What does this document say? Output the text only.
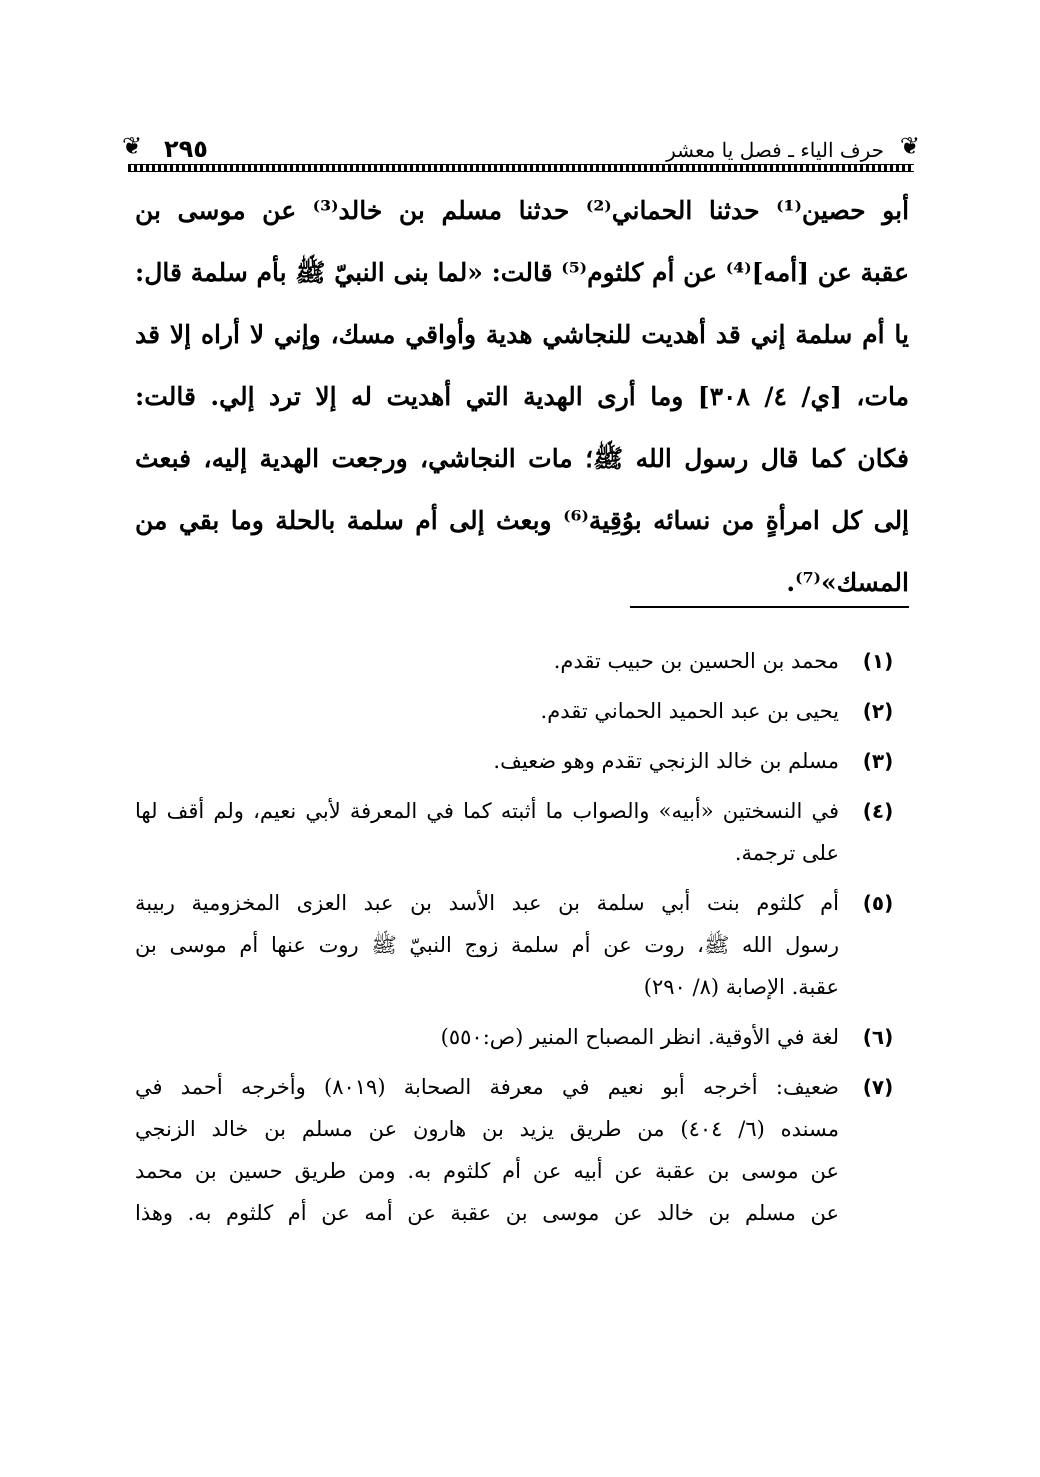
❦
حرف الياء ـ فصل يا معشر
٢٩٥
❦
أبو حصين⁽¹⁾ حدثنا الحماني⁽²⁾ حدثنا مسلم بن خالد⁽³⁾ عن موسى بن
عقبة عن [أمه]⁽⁴⁾ عن أم كلثوم⁽⁵⁾ قالت: «لما بنى النبيّ ﷺ بأم سلمة قال:
يا أم سلمة إني قد أهديت للنجاشي هدية وأواقي مسك، وإني لا أراه إلا قد
مات، [ي/ ٤/ ٣٠٨] وما أرى الهدية التي أهديت له إلا ترد إلي. قالت:
فكان كما قال رسول الله ﷺ؛ مات النجاشي، ورجعت الهدية إليه، فبعث
إلى كل امرأةٍ من نسائه بوُقِية⁽⁶⁾ وبعث إلى أم سلمة بالحلة وما بقي من
المسك»⁽⁷⁾.
(١)
محمد بن الحسين بن حبيب تقدم.
(٢)
يحيى بن عبد الحميد الحماني تقدم.
(٣)
مسلم بن خالد الزنجي تقدم وهو ضعيف.
(٤)
في النسختين «أبيه» والصواب ما أثبته كما في المعرفة لأبي نعيم، ولم أقف لها
على ترجمة.
(٥)
أم كلثوم بنت أبي سلمة بن عبد الأسد بن عبد العزى المخزومية ربيبة
رسول الله ﷺ، روت عن أم سلمة زوج النبيّ ﷺ روت عنها أم موسى بن
عقبة. الإصابة (٨/ ٢٩٠)
(٦)
لغة في الأوقية. انظر المصباح المنير (ص:٥٥٠)
(٧)
ضعيف: أخرجه أبو نعيم في معرفة الصحابة (٨٠١٩) وأخرجه أحمد في
مسنده (٦/ ٤٠٤) من طريق يزيد بن هارون عن مسلم بن خالد الزنجي
عن موسى بن عقبة عن أبيه عن أم كلثوم به. ومن طريق حسين بن محمد
عن مسلم بن خالد عن موسى بن عقبة عن أمه عن أم كلثوم به. وهذا
